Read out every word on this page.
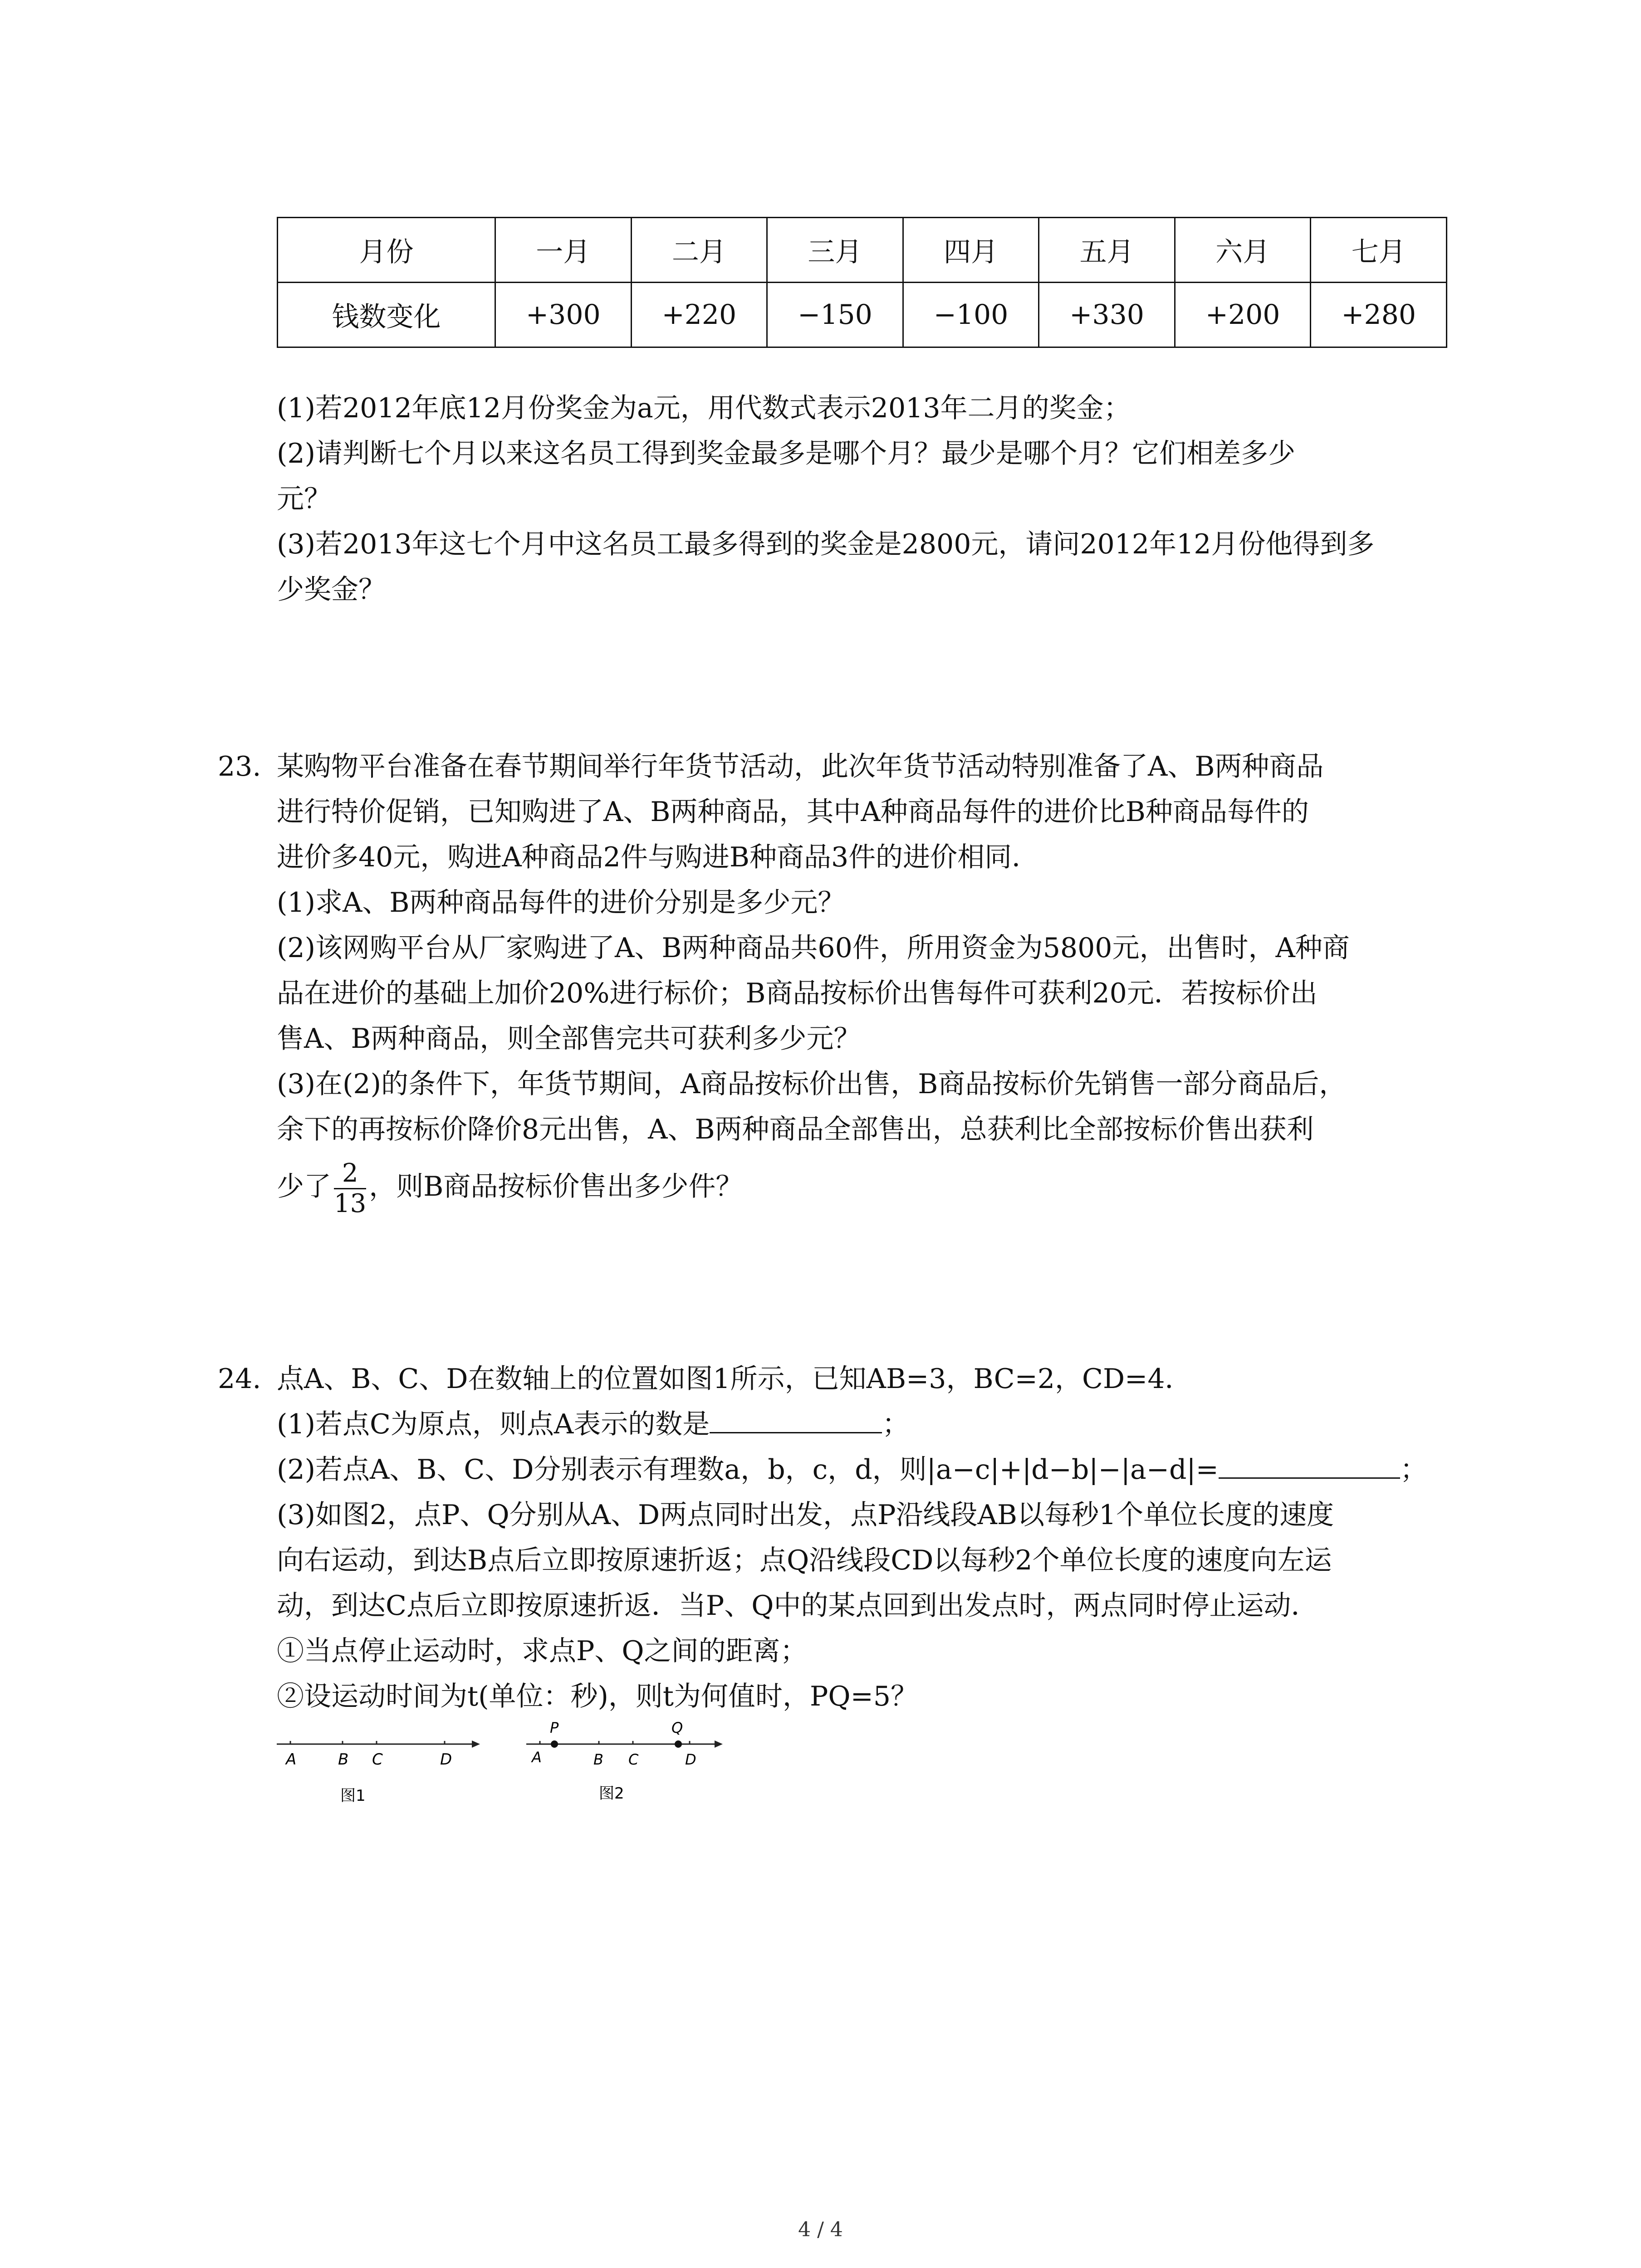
月份	一月	二月	三月	四月	五月	六月	七月
钱数变化	+300	+220	−150	−100	+330	+200	+280
(1)若2012年底12月份奖金为a元，用代数式表示2013年二月的奖金；
(2)请判断七个月以来这名员工得到奖金最多是哪个月？最少是哪个月？它们相差多少
元？
(3)若2013年这七个月中这名员工最多得到的奖金是2800元，请问2012年12月份他得到多
少奖金？
23. 某购物平台准备在春节期间举行年货节活动，此次年货节活动特别准备了A、B两种商品
进行特价促销，已知购进了A、B两种商品，其中A种商品每件的进价比B种商品每件的
进价多40元，购进A种商品2件与购进B种商品3件的进价相同．
(1)求A、B两种商品每件的进价分别是多少元？
(2)该网购平台从厂家购进了A、B两种商品共60件，所用资金为5800元，出售时，A种商
品在进价的基础上加价20%进行标价；B商品按标价出售每件可获利20元．若按标价出
售A、B两种商品，则全部售完共可获利多少元？
(3)在(2)的条件下，年货节期间，A商品按标价出售，B商品按标价先销售一部分商品后，
余下的再按标价降价8元出售，A、B两种商品全部售出，总获利比全部按标价售出获利
少了 $\frac{2}{13}$ ，则B商品按标价售出多少件？
24. 点A、B、C、D在数轴上的位置如图1所示，已知AB=3，BC=2，CD=4．
(1)若点C为原点，则点A表示的数是	；
(2)若点A、B、C、D分别表示有理数a，b，c，d，则|a−c|+|d−b|−|a−d|=	；
(3)如图2，点P、Q分别从A、D两点同时出发，点P沿线段AB以每秒1个单位长度的速度
向右运动，到达B点后立即按原速折返；点Q沿线段CD以每秒2个单位长度的速度向左运
动，到达C点后立即按原速折返．当P、Q中的某点回到出发点时，两点同时停止运动．
①当点停止运动时，求点P、Q之间的距离；
②设运动时间为t(单位：秒)，则t为何值时，PQ=5？
A	B C	D
图1
P	Q
A	B C	D
图2
4 / 4
